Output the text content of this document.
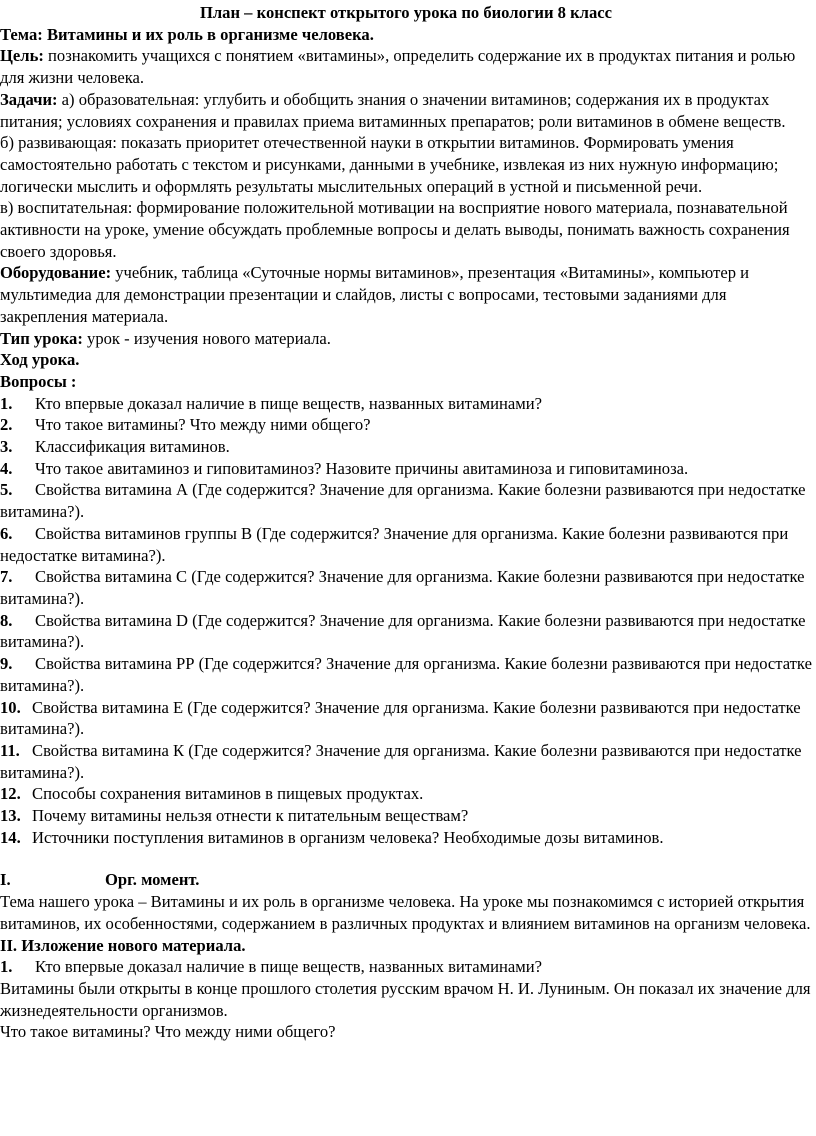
План – конспект открытого урока по биологии 8 класс

Тема: Витамины и их роль в организме человека.

Цель: познакомить учащихся с понятием «витамины», определить содержание их в продуктах питания и ролью для жизни человека.

Задачи: а) образовательная: углубить и обобщить знания о значении витаминов; содержания их в продуктах питания; условиях сохранения и правилах приема витаминных препаратов; роли витаминов в обмене веществ.

б) развивающая: показать приоритет отечественной науки в открытии витаминов. Формировать умения самостоятельно работать с текстом и рисунками, данными в учебнике, извлекая из них нужную информацию; логически мыслить и оформлять результаты мыслительных операций в устной и письменной речи.

в) воспитательная: формирование положительной мотивации на восприятие нового материала, познавательной активности на уроке, умение обсуждать проблемные вопросы и делать выводы, понимать важность сохранения своего здоровья.

Оборудование: учебник, таблица «Суточные нормы витаминов», презентация «Витамины», компьютер и мультимедиа для демонстрации презентации и слайдов, листы с вопросами, тестовыми заданиями для закрепления материала.

Тип урока: урок - изучения нового материала.

Ход урока.

Вопросы :

1. Кто впервые доказал наличие в пище веществ, названных витаминами?
2. Что такое витамины? Что между ними общего?
3. Классификация витаминов.
4. Что такое авитаминоз и гиповитаминоз? Назовите причины авитаминоза и гиповитаминоза.
5. Свойства витамина А (Где содержится? Значение для организма. Какие болезни развиваются при недостатке витамина?).
6. Свойства витаминов группы В (Где содержится? Значение для организма. Какие болезни развиваются при недостатке витамина?).
7. Свойства витамина С (Где содержится? Значение для организма. Какие болезни развиваются при недостатке витамина?).
8. Свойства витамина D (Где содержится? Значение для организма. Какие болезни развиваются при недостатке витамина?).
9. Свойства витамина РР (Где содержится? Значение для организма. Какие болезни развиваются при недостатке витамина?).
10. Свойства витамина Е (Где содержится? Значение для организма. Какие болезни развиваются при недостатке витамина?).
11. Свойства витамина К (Где содержится? Значение для организма. Какие болезни развиваются при недостатке витамина?).
12. Способы сохранения витаминов в пищевых продуктах.
13. Почему витамины нельзя отнести к питательным веществам?
14. Источники поступления витаминов в организм человека? Необходимые дозы витаминов.

I.	Орг. момент.

Тема нашего урока – Витамины и их роль в организме человека. На уроке мы познакомимся с историей открытия витаминов, их особенностями, содержанием в различных продуктах и влиянием витаминов на организм человека.

II. Изложение нового материала.

1. Кто впервые доказал наличие в пище веществ, названных витаминами?

Витамины были открыты в конце прошлого столетия русским врачом Н. И. Луниным. Он показал их значение для жизнедеятельности организмов.

Что такое витамины? Что между ними общего?
